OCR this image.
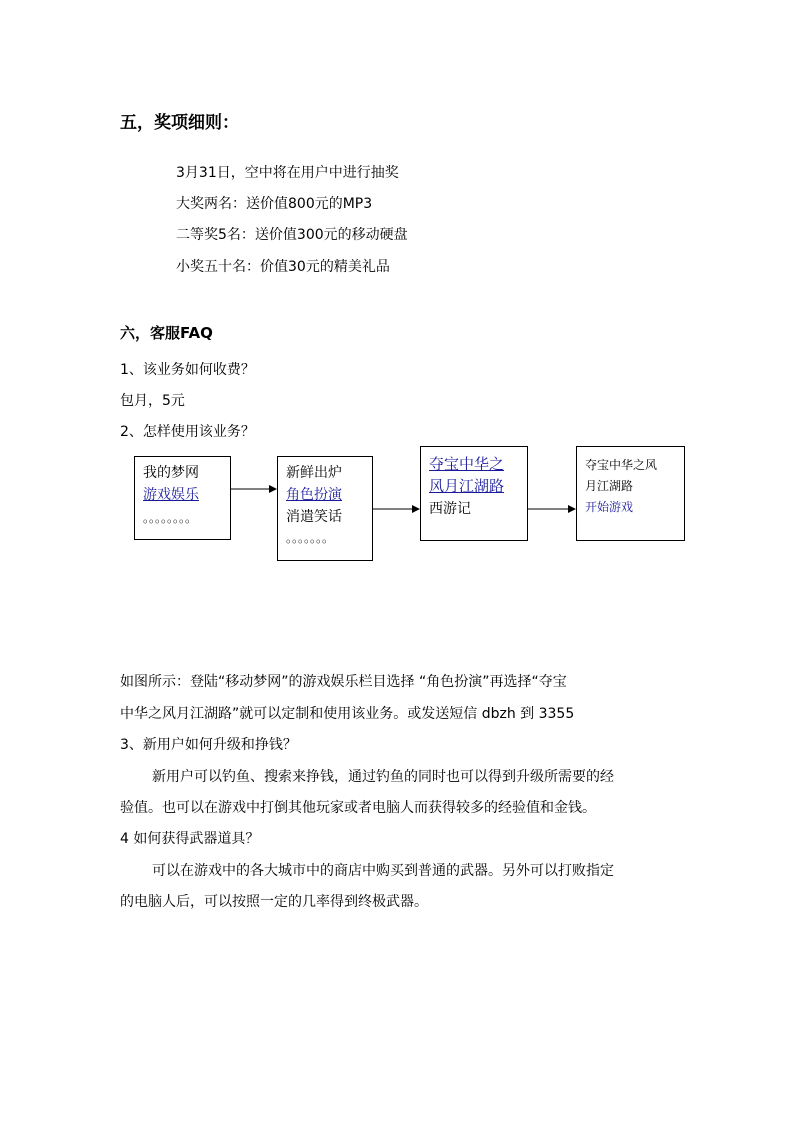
五，奖项细则：
3月31日，空中将在用户中进行抽奖
大奖两名：送价值800元的MP3
二等奖5名：送价值300元的移动硬盘
小奖五十名：价值30元的精美礼品
六，客服FAQ
1、该业务如何收费？
包月，5元
2、怎样使用该业务？
我的梦网
游戏娱乐
。。。。。。。。
新鲜出炉
角色扮演
消遣笑话
。。。。。。。
夺宝中华之
风月江湖路
西游记
夺宝中华之风
月江湖路
开始游戏
如图所示：登陆“移动梦网”的游戏娱乐栏目选择 “角色扮演”再选择“夺宝
中华之风月江湖路”就可以定制和使用该业务。或发送短信 dbzh 到 3355
3、新用户如何升级和挣钱？
新用户可以钓鱼、搜索来挣钱，通过钓鱼的同时也可以得到升级所需要的经
验值。也可以在游戏中打倒其他玩家或者电脑人而获得较多的经验值和金钱。
4 如何获得武器道具？
可以在游戏中的各大城市中的商店中购买到普通的武器。另外可以打败指定
的电脑人后，可以按照一定的几率得到终极武器。
